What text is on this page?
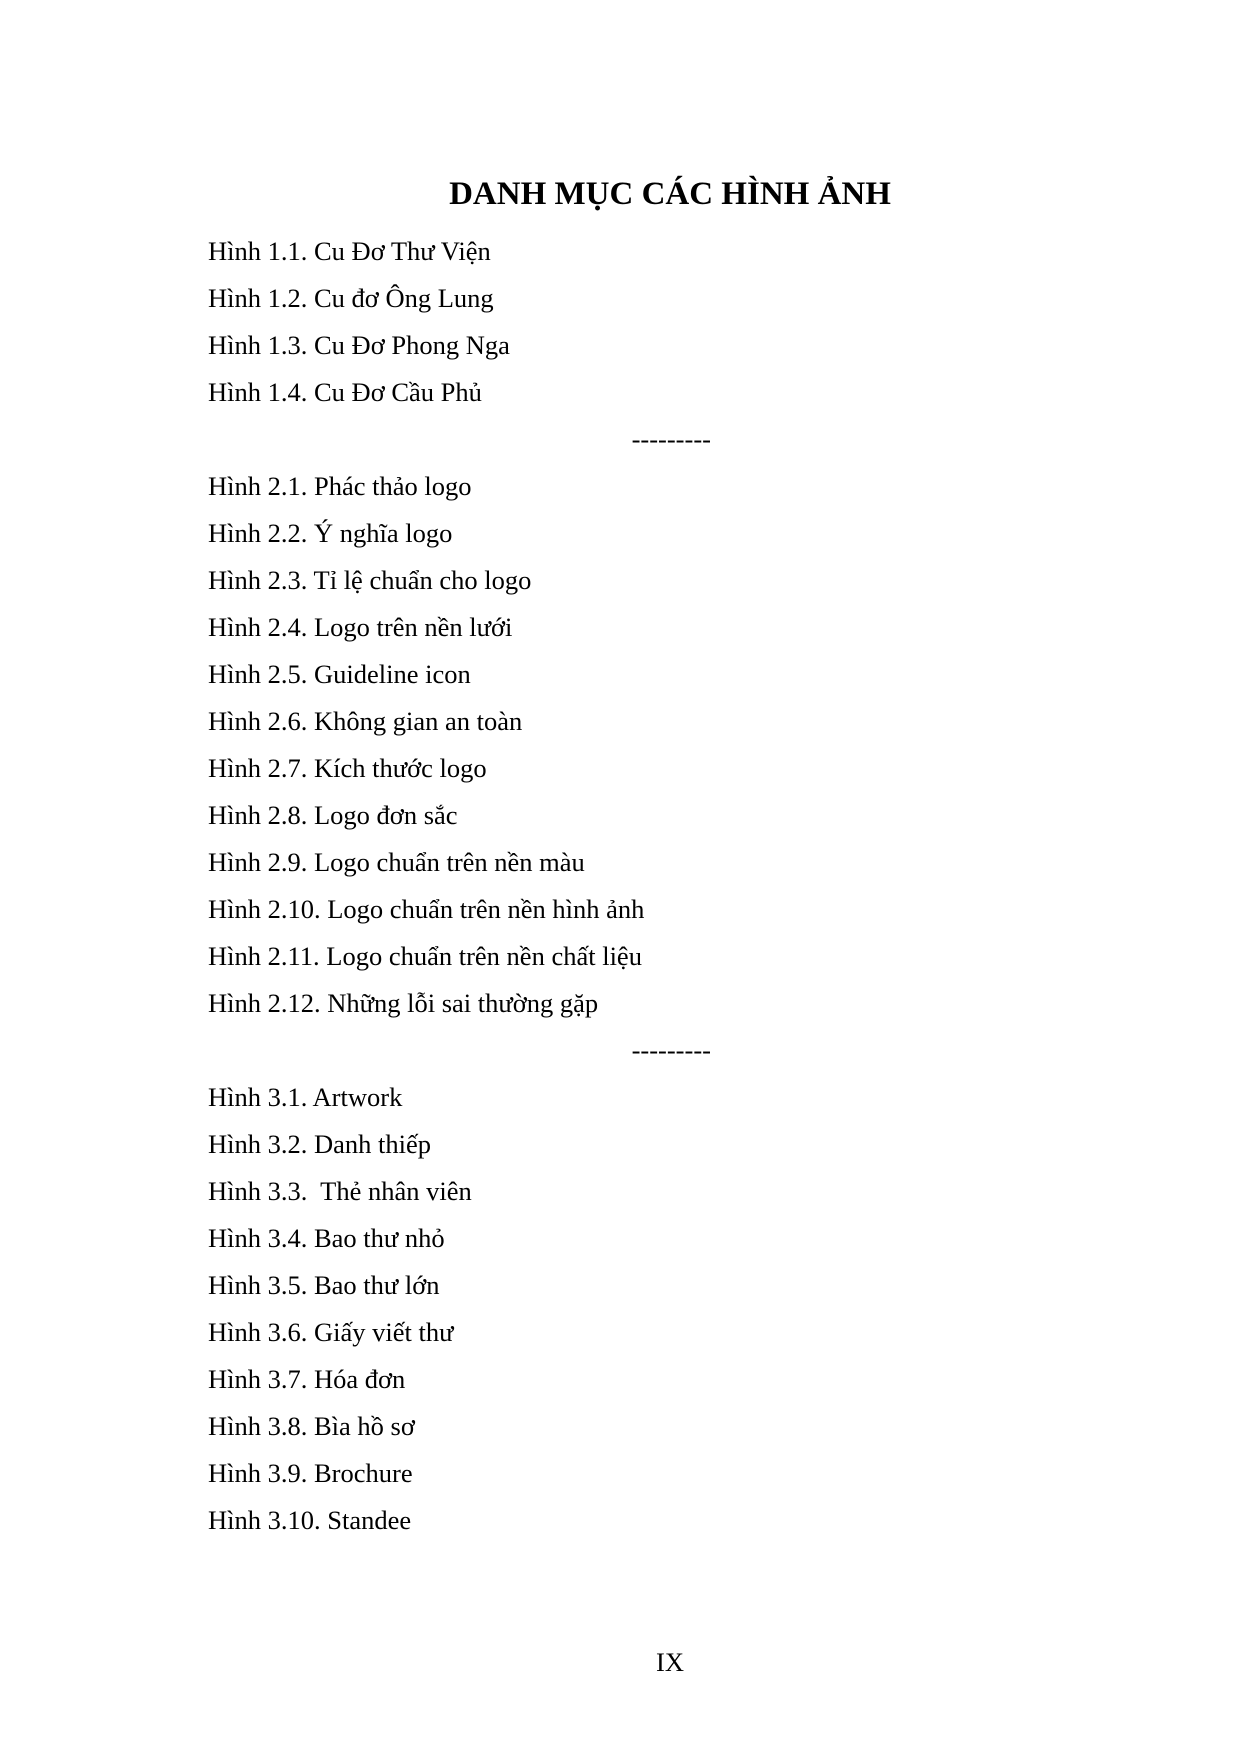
DANH MỤC CÁC HÌNH ẢNH
Hình 1.1. Cu Đơ Thư Viện
Hình 1.2. Cu đơ Ông Lung
Hình 1.3. Cu Đơ Phong Nga
Hình 1.4. Cu Đơ Cầu Phủ
---------
Hình 2.1. Phác thảo logo
Hình 2.2. Ý nghĩa logo
Hình 2.3. Tỉ lệ chuẩn cho logo
Hình 2.4. Logo trên nền lưới
Hình 2.5. Guideline icon
Hình 2.6. Không gian an toàn
Hình 2.7. Kích thước logo
Hình 2.8. Logo đơn sắc
Hình 2.9. Logo chuẩn trên nền màu
Hình 2.10. Logo chuẩn trên nền hình ảnh
Hình 2.11. Logo chuẩn trên nền chất liệu
Hình 2.12. Những lỗi sai thường gặp
---------
Hình 3.1. Artwork
Hình 3.2. Danh thiếp
Hình 3.3.  Thẻ nhân viên
Hình 3.4. Bao thư nhỏ
Hình 3.5. Bao thư lớn
Hình 3.6. Giấy viết thư
Hình 3.7. Hóa đơn
Hình 3.8. Bìa hồ sơ
Hình 3.9. Brochure
Hình 3.10. Standee
IX
